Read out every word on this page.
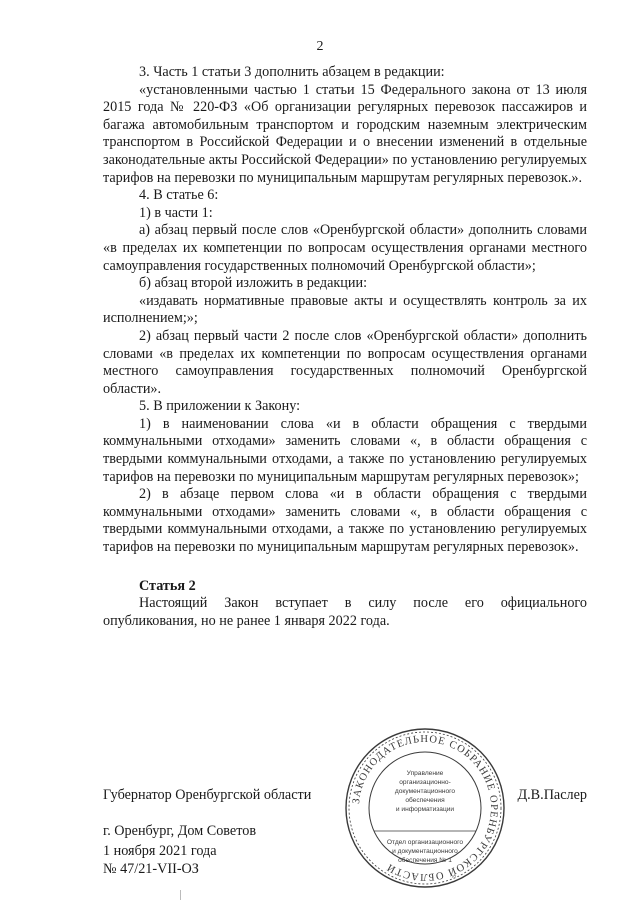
2

3. Часть 1 статьи 3 дополнить абзацем в редакции:

«установленными частью 1 статьи 15 Федерального закона от 13 июля 2015 года № 220-ФЗ «Об организации регулярных перевозок пассажиров и багажа автомобильным транспортом и городским наземным электрическим транспортом в Российской Федерации и о внесении изменений в отдельные законодательные акты Российской Федерации» по установлению регулируемых тарифов на перевозки по муниципальным маршрутам регулярных перевозок.».

4. В статье 6:

1) в части 1:

а) абзац первый после слов «Оренбургской области» дополнить словами «в пределах их компетенции по вопросам осуществления органами местного самоуправления государственных полномочий Оренбургской области»;

б) абзац второй изложить в редакции:

«издавать нормативные правовые акты и осуществлять контроль за их исполнением;»;

2) абзац первый части 2 после слов «Оренбургской области» дополнить словами «в пределах их компетенции по вопросам осуществления органами местного самоуправления государственных полномочий Оренбургской области».

5. В приложении к Закону:

1) в наименовании слова «и в области обращения с твердыми коммунальными отходами» заменить словами «, в области обращения с твердыми коммунальными отходами, а также по установлению регулируемых тарифов на перевозки по муниципальным маршрутам регулярных перевозок»;

2) в абзаце первом слова «и в области обращения с твердыми коммунальными отходами» заменить словами «, в области обращения с твердыми коммунальными отходами, а также по установлению регулируемых тарифов на перевозки по муниципальным маршрутам регулярных перевозок».

Статья 2

Настоящий Закон вступает в силу после его официального опубликования, но не ранее 1 января 2022 года.

Губернатор Оренбургской области	Д.В.Паслер
г. Оренбург, Дом Советов
1 ноября 2021 года
№ 47/21-VII-ОЗ
ЗАКОНОДАТЕЛЬНОЕ СОБРАНИЕ ОРЕНБУРГСКОЙ ОБЛАСТИ
Управление
организационно-
документационного
обеспечения
и информатизации
Отдел организационного
и документационного
обеспечения № 1
